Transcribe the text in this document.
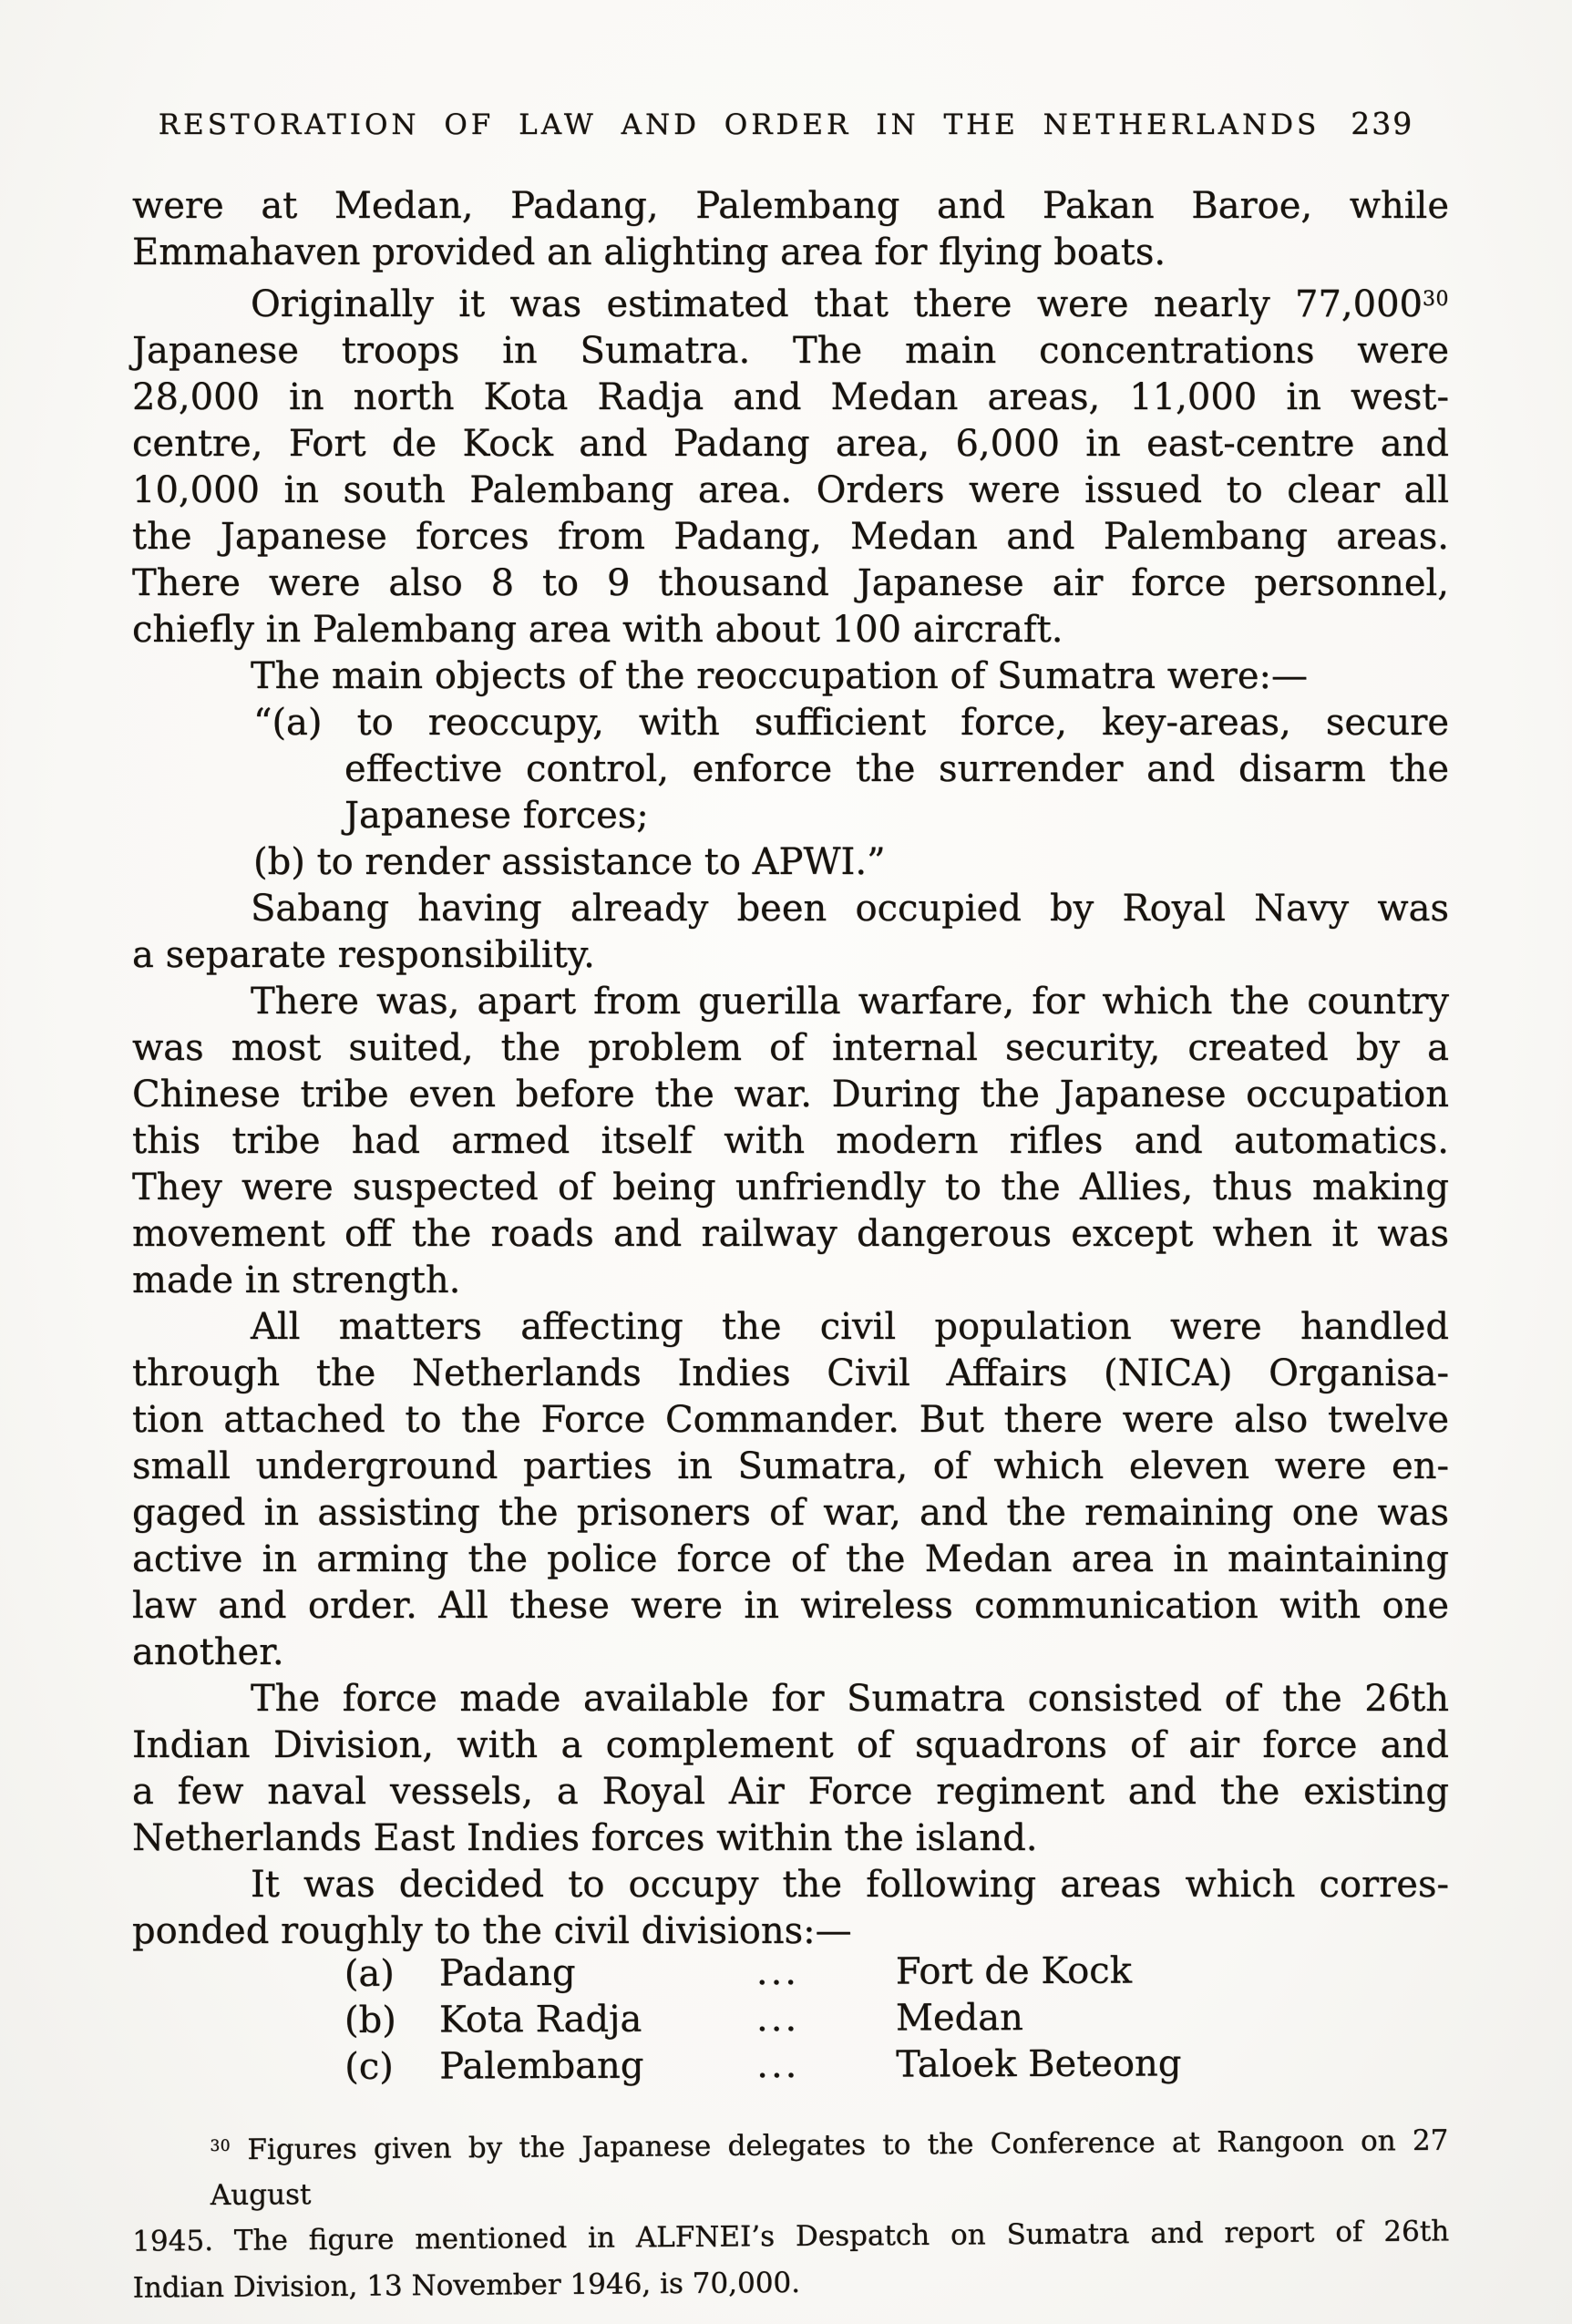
RESTORATION OF LAW AND ORDER IN THE NETHERLANDS 239
were at Medan, Padang, Palembang and Pakan Baroe, while
Emmahaven provided an alighting area for flying boats.
Originally it was estimated that there were nearly 77,000$^{30}$
Japanese troops in Sumatra. The main concentrations were
28,000 in north Kota Radja and Medan areas, 11,000 in west-
centre, Fort de Kock and Padang area, 6,000 in east-centre and
10,000 in south Palembang area. Orders were issued to clear all
the Japanese forces from Padang, Medan and Palembang areas.
There were also 8 to 9 thousand Japanese air force personnel,
chiefly in Palembang area with about 100 aircraft.
The main objects of the reoccupation of Sumatra were:—
“(a) to reoccupy, with sufficient force, key-areas, secure
effective control, enforce the surrender and disarm the
Japanese forces;
(b) to render assistance to APWI.”
Sabang having already been occupied by Royal Navy was
a separate responsibility.
There was, apart from guerilla warfare, for which the country
was most suited, the problem of internal security, created by a
Chinese tribe even before the war. During the Japanese occupation
this tribe had armed itself with modern rifles and automatics.
They were suspected of being unfriendly to the Allies, thus making
movement off the roads and railway dangerous except when it was
made in strength.
All matters affecting the civil population were handled
through the Netherlands Indies Civil Affairs (NICA) Organisa-
tion attached to the Force Commander. But there were also twelve
small underground parties in Sumatra, of which eleven were en-
gaged in assisting the prisoners of war, and the remaining one was
active in arming the police force of the Medan area in maintaining
law and order. All these were in wireless communication with one
another.
The force made available for Sumatra consisted of the 26th
Indian Division, with a complement of squadrons of air force and
a few naval vessels, a Royal Air Force regiment and the existing
Netherlands East Indies forces within the island.
It was decided to occupy the following areas which corres-
ponded roughly to the civil divisions:—
(a) Padang	...	Fort de Kock
(b) Kota Radja	...	Medan
(c) Palembang	...	Taloek Beteong
$^{30}$ Figures given by the Japanese delegates to the Conference at Rangoon on 27 August
1945. The figure mentioned in ALFNEI’s Despatch on Sumatra and report of 26th
Indian Division, 13 November 1946, is 70,000.
